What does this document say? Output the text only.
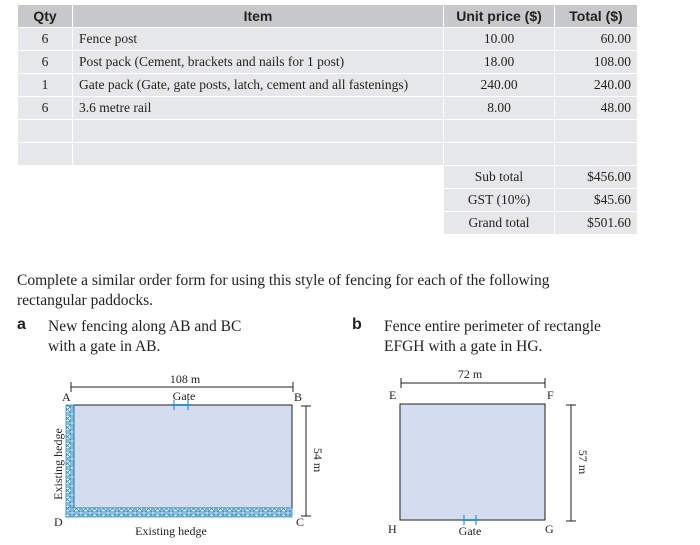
Qty	Item	Unit price ($)	Total ($)
6	Fence post	10.00	60.00
6	Post pack (Cement, brackets and nails for 1 post)	18.00	108.00
1	Gate pack (Gate, gate posts, latch, cement and all fastenings)	240.00	240.00
6	3.6 metre rail	8.00	48.00

		Sub total	$456.00
		GST (10%)	$45.60
		Grand total	$501.60
Complete a similar order form for using this style of fencing for each of the following
rectangular paddocks.
a New fencing along AB and BC
with a gate in AB.
b Fence entire perimeter of rectangle
EFGH with a gate in HG.
108 m
Gate
A	B
C
D
54 m
Existing hedge
Existing hedge
72 m
Gate
E	F
G
H
57 m
